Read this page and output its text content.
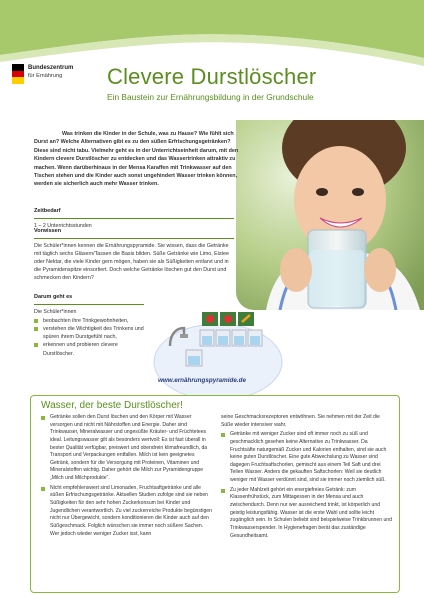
Bundeszentrum
für Ernährung Clevere Durstlöscher
Ein Baustein zur Ernährungsbildung in der Grundschule

Was trinken die Kinder in der Schule, was zu Hause? Wie fühlt sich Durst an? Welche Alternativen gibt es zu den süßen Erfrischungsgetränken? Diese sind nicht tabu. Vielmehr geht es in der Unterrichtseinheit darum, mit den Kindern clevere Durstlöscher zu entdecken und das Wassertrinken attraktiv zu machen. Wenn darüberhinaus in der Mensa Karaffen mit Trinkwasser auf den Tischen stehen und die Kinder auch sonst ungehindert Wasser trinken können, werden sie sicherlich auch mehr Wasser trinken.

Zeitbedarf

1 – 2 Unterrichtsstunden

Vorwissen

Die Schüler*innen kennen die Ernährungspyramide. Sie wissen, dass die Getränke mit täglich sechs Gläsern/Tassen die Basis bilden. Süße Getränke wie Limo, Eistee oder Nektar, die viele Kinder gern mögen, haben sie als Süßigkeiten entlarvt und in die Pyramidenspitze einsortiert. Doch welche Getränke löschen gut den Durst und schmecken den Kindern?

Darum geht es

Die Schüler*innen

beobachten ihre Trinkgewohnheiten,
verstehen die Wichtigkeit des Trinkens und spüren ihrem Durstgefühl nach,
erkennen und probieren clevere Durstlöscher.
www.ernährungspyramide.de
Wasser, der beste Durstlöscher!
Getränke sollen den Durst löschen und den Körper mit Wasser versorgen und nicht mit Nährstoffen und Energie. Daher sind Trinkwasser, Mineralwasser und ungesüßte Kräuter- und Früchtetees ideal. Leitungswasser gilt als besonders wertvoll: Es ist fast überall in bester Qualität verfügbar, preiswert und obendrein klimafreundlich, da Transport und Verpackungen entfallen. Milch ist kein geeignetes Getränk, sondern für die Versorgung mit Proteinen, Vitaminen und Mineralstoffen wichtig. Daher gehört die Milch zur Pyramidengruppe „Milch und Milchprodukte“.
Nicht empfehlenswert sind Limonaden, Fruchtsaftgetränke und alle süßen Erfrischungsgetränke. Aktuellen Studien zufolge sind sie neben Süßigkeiten für den sehr hohen Zuckerkonsum bei Kinder und Jugendlichen verantwortlich. Zu viel zuckerreiche Produkte begünstigen nicht nur Übergewicht, sondern konditionieren die Kinder auch auf den Süßgeschmack. Folglich wünschen sie immer noch süßere Sachen. Wer jedoch wieder weniger Zucker isst, kann

seine Geschmacksrezeptoren entwöhnen. Sie nehmen mit der Zeit die Süße wieder intensiver wahr.

Getränke mit weniger Zucker sind oft immer noch zu süß und geschmacklich gesehen keine Alternative zu Trinkwasser. Da Fruchtsäfte naturgemäß Zucker und Kalorien enthalten, sind sie auch keine guten Durstlöscher. Eine gute Abwechslung zu Wasser sind dagegen Fruchtsaftschorlen, gemischt aus einem Teil Saft und drei Teilen Wasser. Anders die gekauften Saftschorlen: Weil sie deutlich weniger mit Wasser verdünnt sind, sind sie immer noch ziemlich süß.
Zu jeder Mahlzeit gehört ein energiefreies Getränk: zum Klassenfrühstück, zum Mittagessen in der Mensa und auch zwischendurch. Denn nur wer ausreichend trinkt, ist körperlich und geistig leistungsfähig. Wasser ist die erste Wahl und sollte leicht zugänglich sein. In Schulen beliebt sind beispielweise Trinkbrunnen und Trinkwasserspender. In Hygienefragen berät das zuständige Gesundheitsamt.
